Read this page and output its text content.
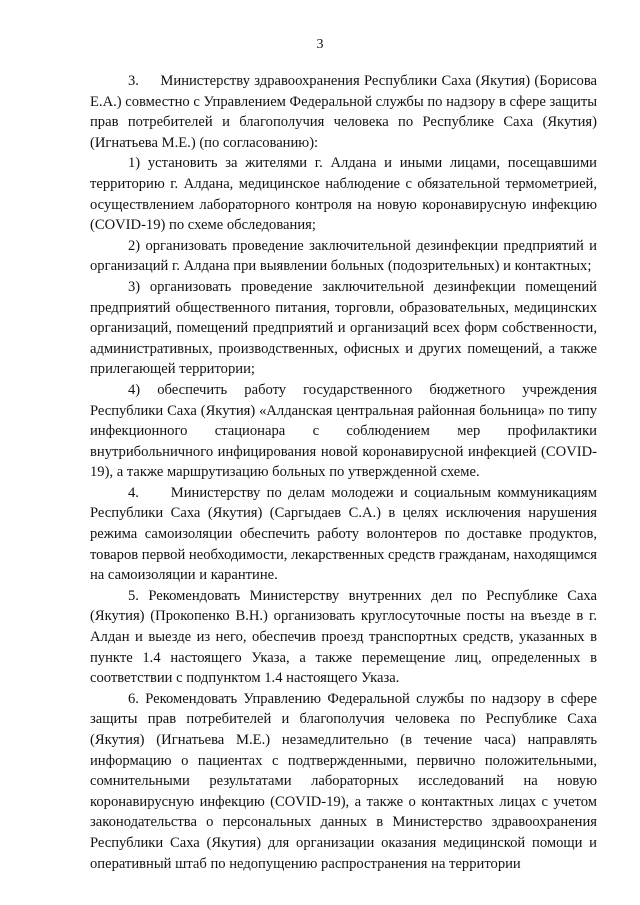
3

3.     Министерству здравоохранения Республики Саха (Якутия) (Борисова Е.А.) совместно с Управлением Федеральной службы по надзору в сфере защиты прав потребителей и благополучия человека по Республике Саха (Якутия) (Игнатьева М.Е.) (по согласованию):

1) установить за жителями г. Алдана и иными лицами, посещавшими территорию г. Алдана, медицинское наблюдение с обязательной термометрией, осуществлением лабораторного контроля на новую коронавирусную инфекцию (COVID-19) по схеме обследования;

2) организовать проведение заключительной дезинфекции предприятий и организаций г. Алдана при выявлении больных (подозрительных) и контактных;

3) организовать проведение заключительной дезинфекции помещений предприятий общественного питания, торговли, образовательных, медицинских организаций, помещений предприятий и организаций всех форм собственности, административных, производственных, офисных и других помещений, а также прилегающей территории;

4) обеспечить работу государственного бюджетного учреждения Республики Саха (Якутия) «Алданская центральная районная больница» по типу инфекционного стационара с соблюдением мер профилактики внутрибольничного инфицирования новой коронавирусной инфекцией (COVID-19), а также маршрутизацию больных по утвержденной схеме.

4.     Министерству по делам молодежи и социальным коммуникациям Республики Саха (Якутия) (Саргыдаев С.А.) в целях исключения нарушения режима самоизоляции обеспечить работу волонтеров по доставке продуктов, товаров первой необходимости, лекарственных средств гражданам, находящимся на самоизоляции и карантине.

5. Рекомендовать Министерству внутренних дел по Республике Саха (Якутия) (Прокопенко В.Н.) организовать круглосуточные посты на въезде в г. Алдан и выезде из него, обеспечив проезд транспортных средств, указанных в пункте 1.4 настоящего Указа, а также перемещение лиц, определенных в соответствии с подпунктом 1.4 настоящего Указа.

6. Рекомендовать Управлению Федеральной службы по надзору в сфере защиты прав потребителей и благополучия человека по Республике Саха (Якутия) (Игнатьева М.Е.) незамедлительно (в течение часа) направлять информацию о пациентах с подтвержденными, первично положительными, сомнительными результатами лабораторных исследований на новую коронавирусную инфекцию (COVID-19), а также о контактных лицах с учетом законодательства о персональных данных в Министерство здравоохранения Республики Саха (Якутия) для организации оказания медицинской помощи и оперативный штаб по недопущению распространения на территории
